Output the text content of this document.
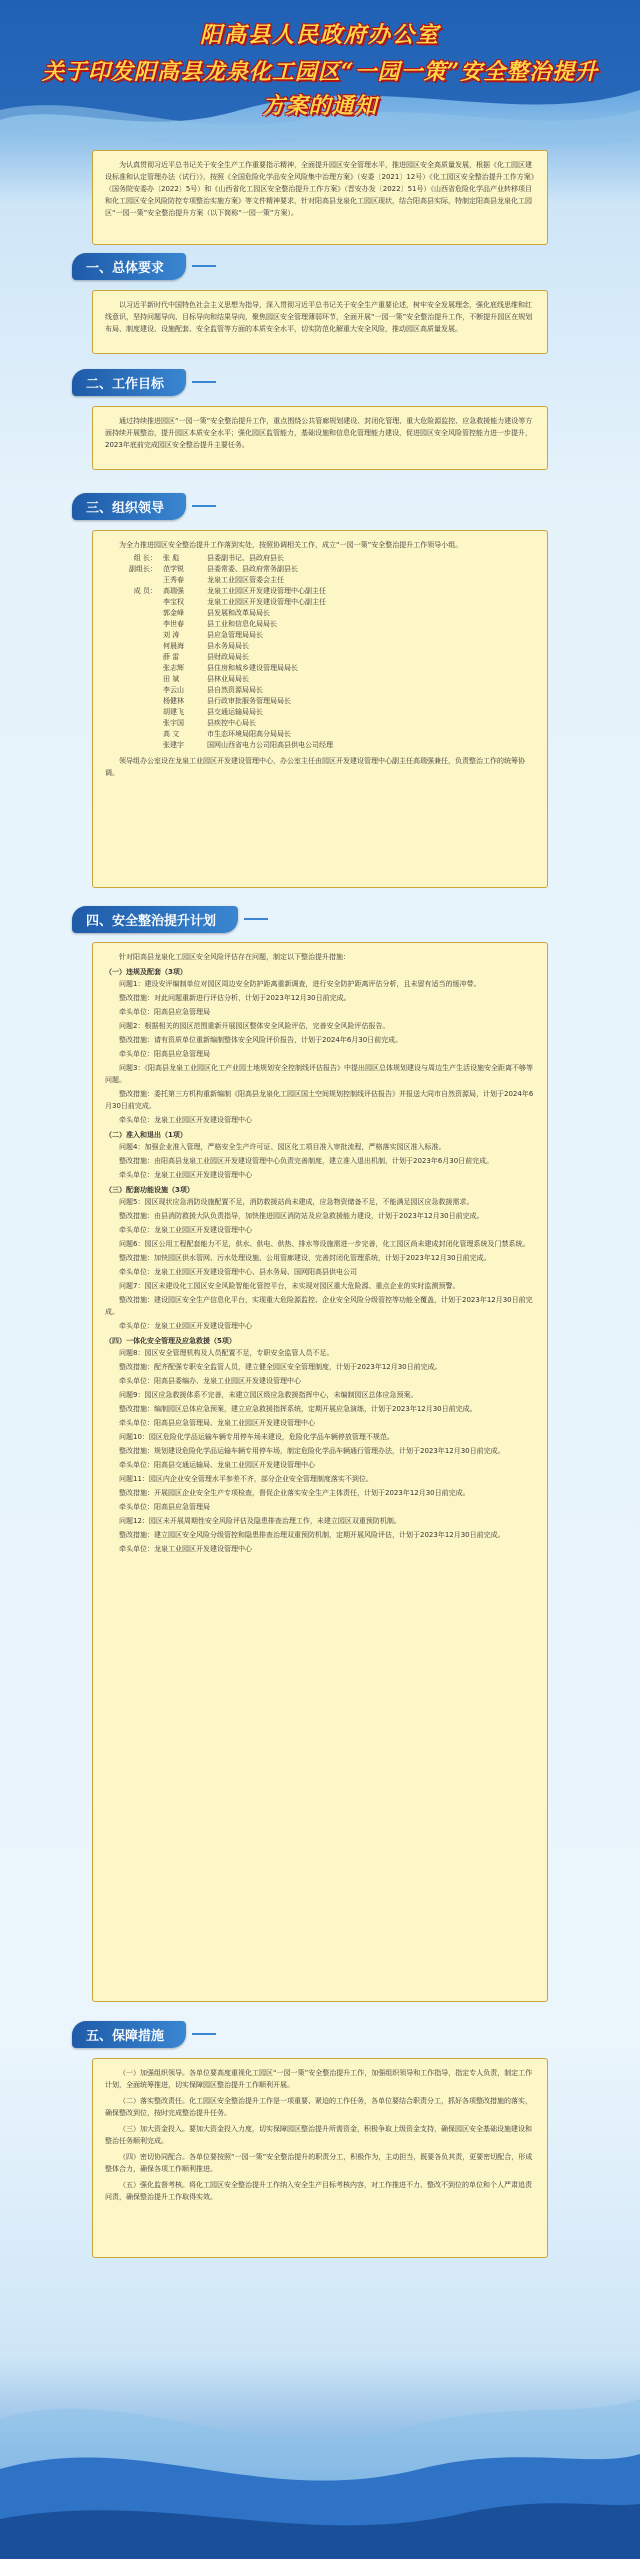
阳高县人民政府办公室
关于印发阳高县龙泉化工园区“一园一策”安全整治提升方案的通知

为认真贯彻习近平总书记关于安全生产工作重要指示精神，全面提升园区安全管理水平，推进园区安全高质量发展，根据《化工园区建设标准和认定管理办法（试行）》，按照《全国危险化学品安全风险集中治理方案》（安委〔2021〕12号）《化工园区安全整治提升工作方案》（国务院安委办〔2022〕5号）和《山西省化工园区安全整治提升工作方案》（晋安办发〔2022〕51号）《山西省危险化学品产业转移项目和化工园区安全风险防控专项整治实施方案》等文件精神要求，针对阳高县龙泉化工园区现状，结合阳高县实际，特制定阳高县龙泉化工园区“一园一策”安全整治提升方案（以下简称“一园一策”方案）。

一、总体要求

以习近平新时代中国特色社会主义思想为指导，深入贯彻习近平总书记关于安全生产重要论述，树牢安全发展理念，强化底线思维和红线意识，坚持问题导向、目标导向和结果导向，聚焦园区安全管理薄弱环节，全面开展“一园一策”安全整治提升工作，不断提升园区在规划布局、制度建设、设施配套、安全监管等方面的本质安全水平，切实防范化解重大安全风险，推动园区高质量发展。

二、工作目标

通过持续推进园区“一园一策”安全整治提升工作，重点围绕公共管廊规划建设、封闭化管理、重大危险源监控、应急救援能力建设等方面持续开展整治，提升园区本质安全水平；强化园区监管能力，基础设施和信息化管理能力建设，促进园区安全风险管控能力进一步提升，2023年底前完成园区安全整治提升主要任务。

三、组织领导

为全力推进园区安全整治提升工作落到实处，按照协调相关工作，成立“一园一策”安全整治提升工作领导小组。

组 长： 张 彪	县委副书记、县政府县长
副组长： 范学锐	县委常委、县政府常务副县长
王秀春	龙泉工业园区管委会主任
成 员： 高瑞强	龙泉工业园区开发建设管理中心副主任
李宝权	龙泉工业园区开发建设管理中心副主任
郭金峰	县发展和改革局局长
李世春	县工业和信息化局局长
刘 涛	县应急管理局局长
何晨海	县水务局局长
薛 雷	县财政局局长
张志辉	县住房和城乡建设管理局局长
田 斌	县林业局局长
李云山	县自然资源局局长
杨健林	县行政审批服务管理局局长
胡建飞	县交通运输局局长
张宇国	县疾控中心局长
高 文	市生态环境局阳高分局局长
张建宇	国网山西省电力公司阳高县供电公司经理

领导组办公室设在龙泉工业园区开发建设管理中心，办公室主任由园区开发建设管理中心副主任高瑞强兼任，负责整治工作的统筹协调。

四、安全整治提升计划

针对阳高县龙泉化工园区安全风险评估存在问题，制定以下整治提升措施：

（一）违规及配套（3项）

问题1：建设安评编制单位对园区周边安全防护距离重新调查，进行安全防护距离评估分析，且未留有适当的缓冲带。

整改措施：对此问题重新进行评估分析，计划于2023年12月30日前完成。

牵头单位：阳高县应急管理局

问题2：根据相关的园区范围重新开展园区整体安全风险评估，完善安全风险评估报告。

整改措施：请有资质单位重新编制整体安全风险评价报告，计划于2024年6月30日前完成。

牵头单位：阳高县应急管理局

问题3：《阳高县龙泉工业园区化工产业园土地规划安全控制线评估报告》中提出园区总体规划建设与周边生产生活设施安全距离不够等问题。

整改措施：委托第三方机构重新编制《阳高县龙泉化工园区国土空间规划控制线评估报告》并报送大同市自然资源局，计划于2024年6月30日前完成。

牵头单位：龙泉工业园区开发建设管理中心

（二）准入和退出（1项）

问题4：加强企业准入管理，严格安全生产许可证、园区化工项目准入审批流程，严格落实园区准入标准。

整改措施：由阳高县龙泉工业园区开发建设管理中心负责完善制度，建立准入退出机制，计划于2023年6月30日前完成。

牵头单位：龙泉工业园区开发建设管理中心

（三）配套功能设施（3项）

问题5：园区现状应急消防设施配置不足，消防救援站尚未建成，应急物资储备不足，不能满足园区应急救援需求。

整改措施：由县消防救援大队负责指导，加快推进园区消防站及应急救援能力建设，计划于2023年12月30日前完成。

牵头单位：龙泉工业园区开发建设管理中心

问题6：园区公用工程配套能力不足，供水、供电、供热、排水等设施需进一步完善，化工园区尚未建成封闭化管理系统及门禁系统。

整改措施：加快园区供水管网、污水处理设施、公用管廊建设，完善封闭化管理系统，计划于2023年12月30日前完成。

牵头单位：龙泉工业园区开发建设管理中心、县水务局、国网阳高县供电公司

问题7：园区未建设化工园区安全风险智能化管控平台，未实现对园区重大危险源、重点企业的实时监测预警。

整改措施：建设园区安全生产信息化平台，实现重大危险源监控、企业安全风险分级管控等功能全覆盖，计划于2023年12月30日前完成。

牵头单位：龙泉工业园区开发建设管理中心

（四）一体化安全管理及应急救援（5项）

问题8：园区安全管理机构及人员配置不足，专职安全监管人员不足。

整改措施：配齐配强专职安全监管人员，建立健全园区安全管理制度，计划于2023年12月30日前完成。

牵头单位：阳高县委编办、龙泉工业园区开发建设管理中心

问题9：园区应急救援体系不完善，未建立园区级应急救援指挥中心，未编制园区总体应急预案。

整改措施：编制园区总体应急预案，建立应急救援指挥系统，定期开展应急演练，计划于2023年12月30日前完成。

牵头单位：阳高县应急管理局、龙泉工业园区开发建设管理中心

问题10：园区危险化学品运输车辆专用停车场未建设，危险化学品车辆停放管理不规范。

整改措施：规划建设危险化学品运输车辆专用停车场，制定危险化学品车辆通行管理办法，计划于2023年12月30日前完成。

牵头单位：阳高县交通运输局、龙泉工业园区开发建设管理中心

问题11：园区内企业安全管理水平参差不齐，部分企业安全管理制度落实不到位。

整改措施：开展园区企业安全生产专项检查，督促企业落实安全生产主体责任，计划于2023年12月30日前完成。

牵头单位：阳高县应急管理局

问题12：园区未开展周期性安全风险评估及隐患排查治理工作，未建立园区双重预防机制。

整改措施：建立园区安全风险分级管控和隐患排查治理双重预防机制，定期开展风险评估，计划于2023年12月30日前完成。

牵头单位：龙泉工业园区开发建设管理中心

五、保障措施

（一）加强组织领导。各单位要高度重视化工园区“一园一策”安全整治提升工作，加强组织领导和工作指导，指定专人负责，制定工作计划，全面统筹推进，切实保障园区整治提升工作顺利开展。

（二）落实整改责任。化工园区安全整治提升工作是一项重要、紧迫的工作任务，各单位要结合职责分工，抓好各项整改措施的落实，确保整改到位，按时完成整治提升任务。

（三）加大资金投入。要加大资金投入力度，切实保障园区整治提升所需资金，积极争取上级资金支持，确保园区安全基础设施建设和整治任务顺利完成。

（四）密切协同配合。各单位要按照“一园一策”安全整治提升的职责分工，积极作为，主动担当，既要各负其责，更要密切配合，形成整体合力，确保各项工作顺利推进。

（五）强化监督考核。将化工园区安全整治提升工作纳入安全生产目标考核内容，对工作推进不力、整改不到位的单位和个人严肃追责问责，确保整治提升工作取得实效。
